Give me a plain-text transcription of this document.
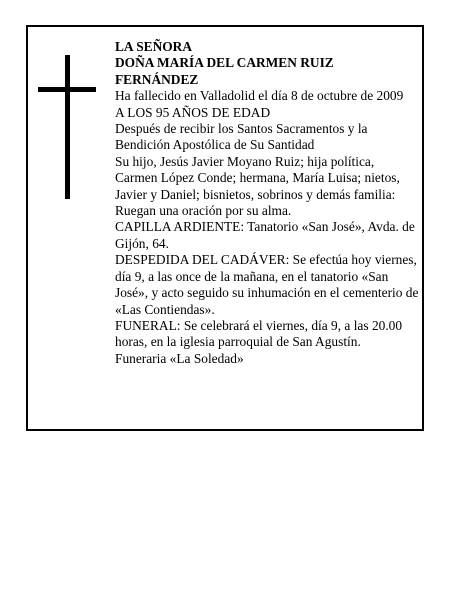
LA SEÑORA

DOÑA MARÍA DEL CARMEN RUIZ

FERNÁNDEZ

Ha fallecido en Valladolid el día 8 de octubre de 2009

A LOS 95 AÑOS DE EDAD

Después de recibir los Santos Sacramentos y la Bendición Apostólica de Su Santidad

Su hijo, Jesús Javier Moyano Ruiz; hija política, Carmen López Conde; hermana, María Luisa; nietos, Javier y Daniel; bisnietos, sobrinos y demás familia:

Ruegan una oración por su alma.

CAPILLA ARDIENTE: Tanatorio «San José», Avda. de Gijón, 64.

DESPEDIDA DEL CADÁVER: Se efectúa hoy viernes, día 9, a las once de la mañana, en el tanatorio «San José», y acto seguido su inhumación en el cementerio de «Las Contiendas».

FUNERAL: Se celebrará el viernes, día 9, a las 20.00 horas, en la iglesia parroquial de San Agustín.

Funeraria «La Soledad»
